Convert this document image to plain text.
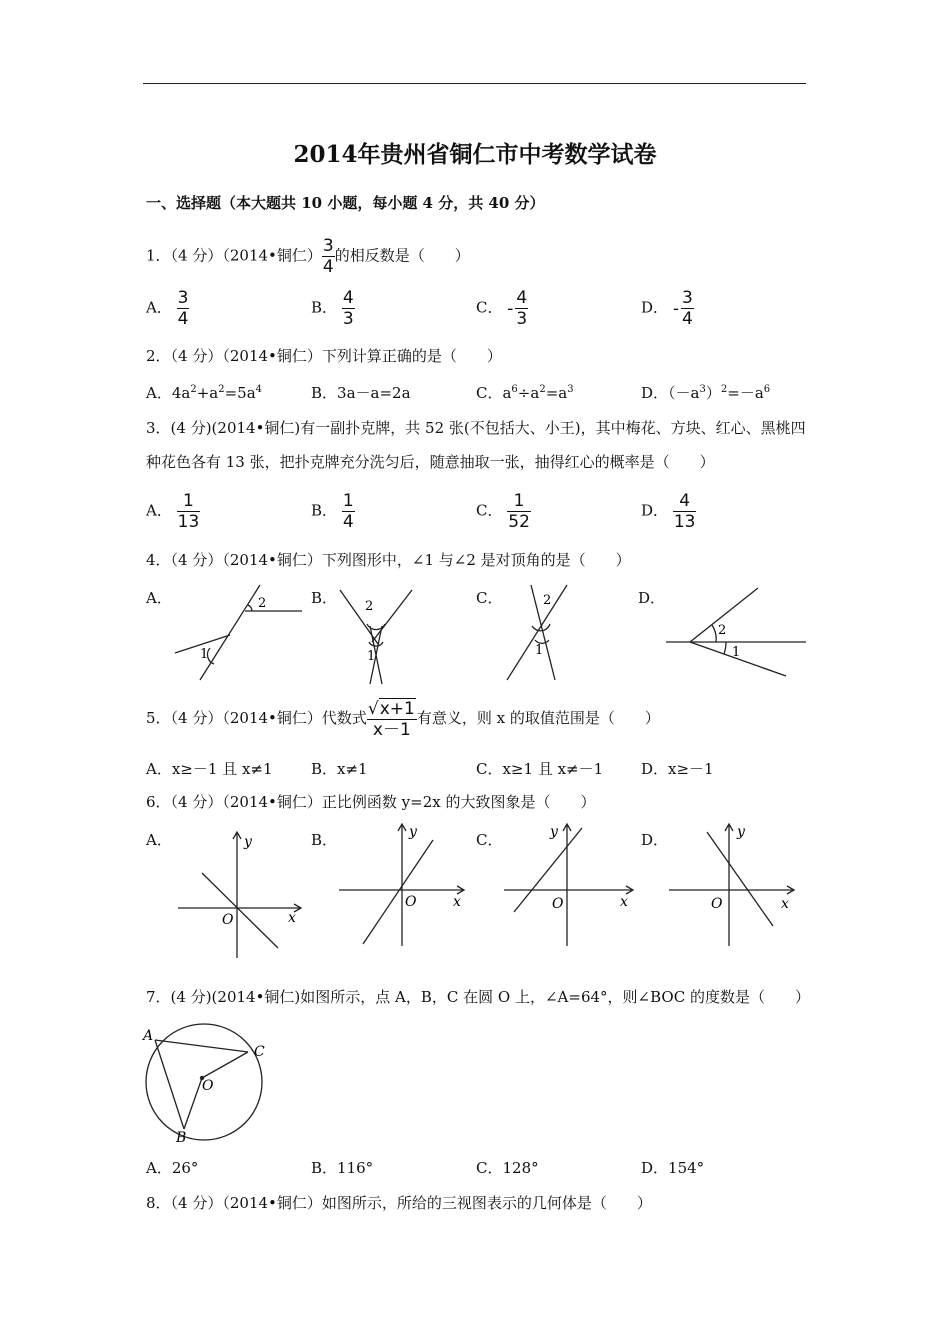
2014年贵州省铜仁市中考数学试卷
一、选择题（本大题共 10 小题，每小题 4 分，共 40 分）
1．（4 分）（2014•铜仁） $\frac{3}{4}$ 的相反数是（　　）
A． $\frac{3}{4}$	B． $\frac{4}{3}$	C． - $\frac{4}{3}$	D． - $\frac{3}{4}$
2．（4 分）（2014•铜仁）下列计算正确的是（　　）
A．$4a^2+a^2=5a^4$	B．3a－a=2a	C．$a^6\div a^2=a^3$	D．$(-a^3)^2=-a^6$
3．(4 分)(2014•铜仁)有一副扑克牌，共 52 张(不包括大、小王)，其中梅花、方块、红心、黑桃四种花色各有 13 张，把扑克牌充分洗匀后，随意抽取一张，抽得红心的概率是（　　）
A． $\frac{1}{13}$	B． $\frac{1}{4}$	C． $\frac{1}{52}$	D． $\frac{4}{13}$
4．（4 分）（2014•铜仁）下列图形中，∠1 与∠2 是对顶角的是（　　）
A．	B．	C．	D．
2
1
2
1
2
1
2
1
5．（4 分）（2014•铜仁）代数式 $\frac{√x+1}{x-1}$ 有意义，则 x 的取值范围是（　　）
A．x≥－1 且 x≠1	B．x≠1	C．x≥1 且 x≠－1	D．x≥－1
6．（4 分）（2014•铜仁）正比例函数 y=2x 的大致图象是（　　）
A．	B．	C．	D．
y
x
O
y
x
O
y
x
O
y
x
O
7．(4 分)(2014•铜仁)如图所示，点 A，B，C 在圆 O 上，∠A=64°，则∠BOC 的度数是（　　）
A
C
O
B
A．26°	B．116°	C．128°	D．154°
8．（4 分）（2014•铜仁）如图所示，所给的三视图表示的几何体是（　　）
